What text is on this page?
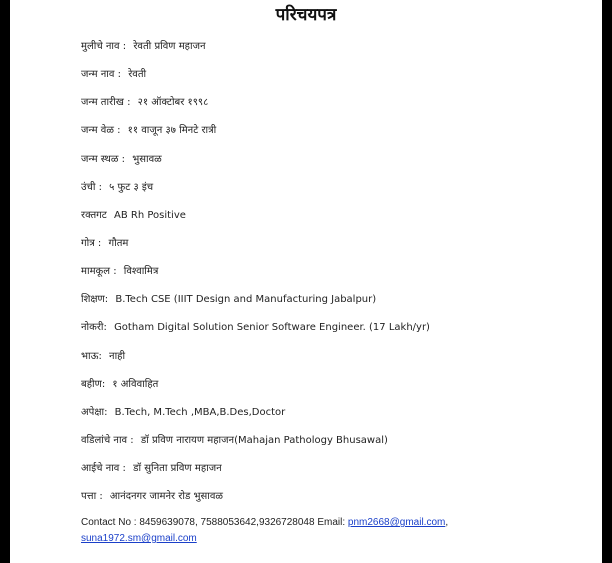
परिचयपत्र
मुलीचे नाव : रेवती प्रविण महाजन
जन्म नाव : रेवती
जन्म तारीख : २१ ऑक्टोबर १९९८
जन्म वेळ : ११ वाजून ३७ मिनटे रात्री
जन्म स्थळ : भुसावळ
उंची : ५ फुट ३ इंच
रक्तगट AB Rh Positive
गोत्र : गौतम
मामकूल : विश्वामित्र
शिक्षण: B.Tech CSE (IIIT Design and Manufacturing Jabalpur)
नोकरी: Gotham Digital Solution Senior Software Engineer. (17 Lakh/yr)
भाऊ: नाही
बहीण: १ अविवाहित
अपेक्षा: B.Tech, M.Tech ,MBA,B.Des,Doctor
वडिलांचे नाव : डॉ प्रविण नारायण महाजन(Mahajan Pathology Bhusawal)
आईचे नाव : डॉ सुनिता प्रविण महाजन
पत्ता : आनंदनगर जामनेर रोड भुसावळ
Contact No : 8459639078, 7588053642,9326728048 Email: pnm2668@gmail.com,
suna1972.sm@gmail.com
